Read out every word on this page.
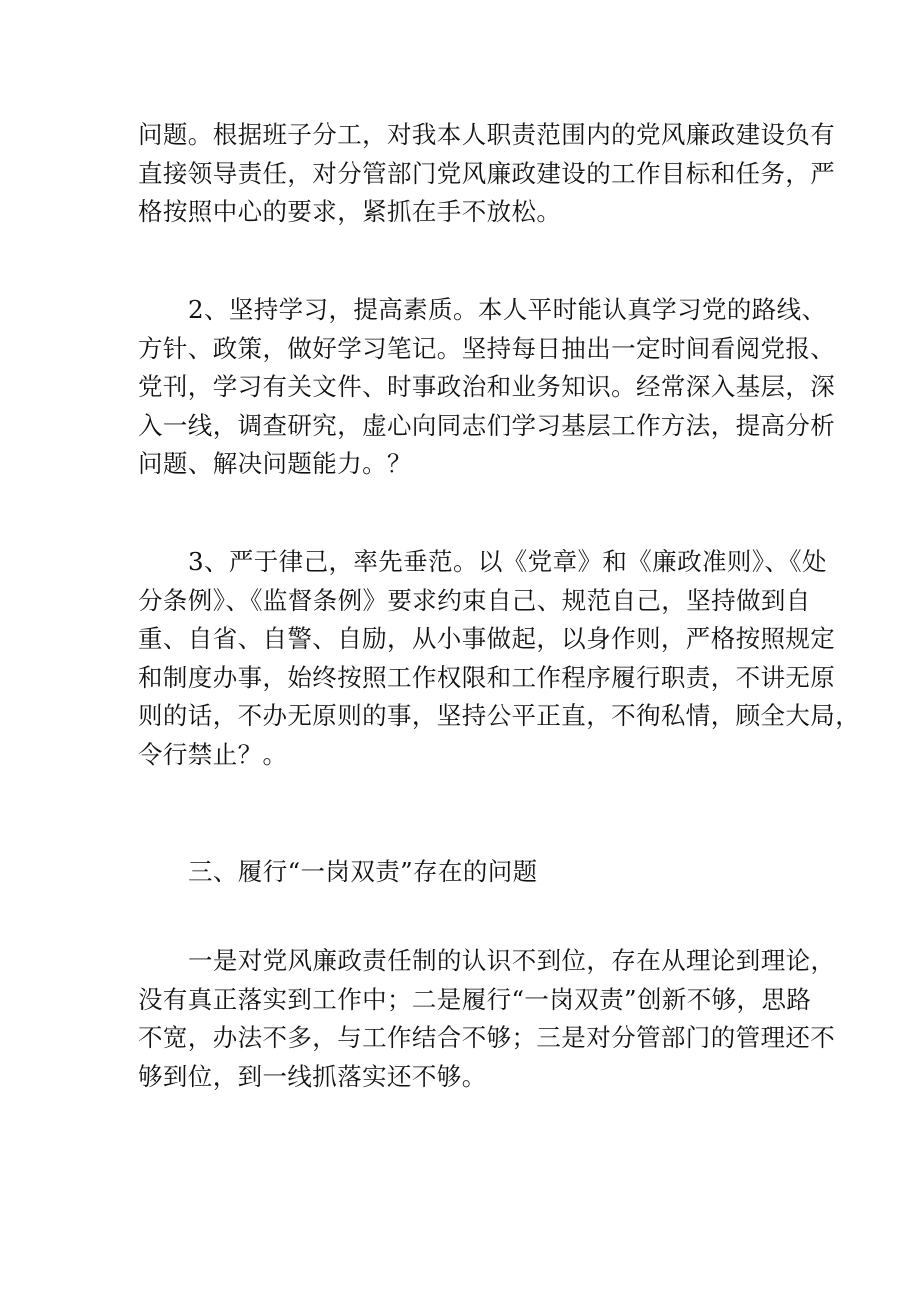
问题。根据班子分工，对我本人职责范围内的党风廉政建设负有
直接领导责任，对分管部门党风廉政建设的工作目标和任务，严
格按照中心的要求，紧抓在手不放松。
2、坚持学习，提高素质。本人平时能认真学习党的路线、
方针、政策，做好学习笔记。坚持每日抽出一定时间看阅党报、
党刊，学习有关文件、时事政治和业务知识。经常深入基层，深
入一线，调查研究，虚心向同志们学习基层工作方法，提高分析
问题、解决问题能力。？
3、严于律己，率先垂范。以《党章》和《廉政准则》、《处
分条例》、《监督条例》要求约束自己、规范自己，坚持做到自
重、自省、自警、自励，从小事做起，以身作则，严格按照规定
和制度办事，始终按照工作权限和工作程序履行职责，不讲无原
则的话，不办无原则的事，坚持公平正直，不徇私情，顾全大局，
令行禁止？。
三、履行“一岗双责”存在的问题
一是对党风廉政责任制的认识不到位，存在从理论到理论，
没有真正落实到工作中；二是履行“一岗双责”创新不够，思路
不宽，办法不多，与工作结合不够；三是对分管部门的管理还不
够到位，到一线抓落实还不够。
